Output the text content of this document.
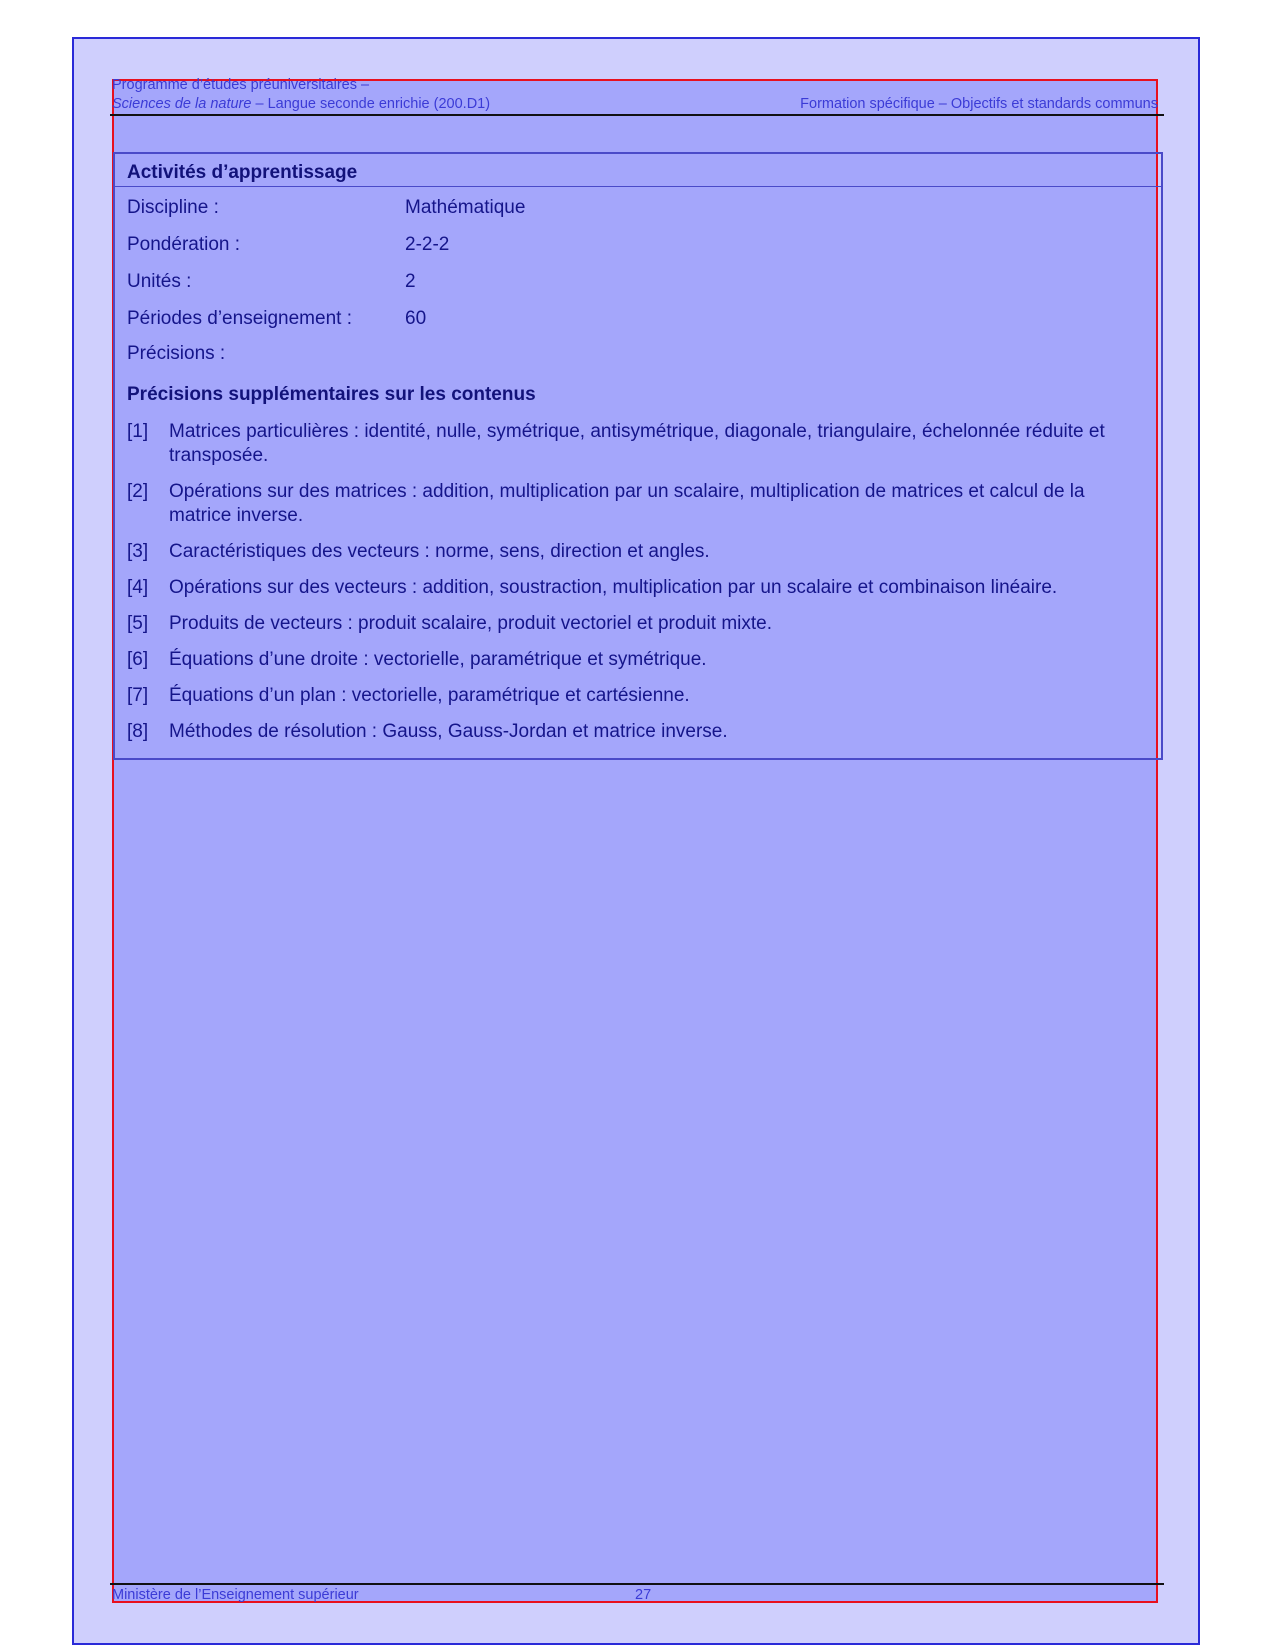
Programme d’études préuniversitaires –
Sciences de la nature – Langue seconde enrichie (200.D1)	Formation spécifique – Objectifs et standards communs
Activités d’apprentissage
Discipline :	Mathématique
Pondération :	2-2-2
Unités :	2
Périodes d’enseignement :	60
Précisions :
Précisions supplémentaires sur les contenus
[1]	Matrices particulières : identité, nulle, symétrique, antisymétrique, diagonale, triangulaire, échelonnée réduite et transposée.
[2]	Opérations sur des matrices : addition, multiplication par un scalaire, multiplication de matrices et calcul de la matrice inverse.
[3]	Caractéristiques des vecteurs : norme, sens, direction et angles.
[4]	Opérations sur des vecteurs : addition, soustraction, multiplication par un scalaire et combinaison linéaire.
[5]	Produits de vecteurs : produit scalaire, produit vectoriel et produit mixte.
[6]	Équations d’une droite : vectorielle, paramétrique et symétrique.
[7]	Équations d’un plan : vectorielle, paramétrique et cartésienne.
[8]	Méthodes de résolution : Gauss, Gauss-Jordan et matrice inverse.
Ministère de l’Enseignement supérieur	27
